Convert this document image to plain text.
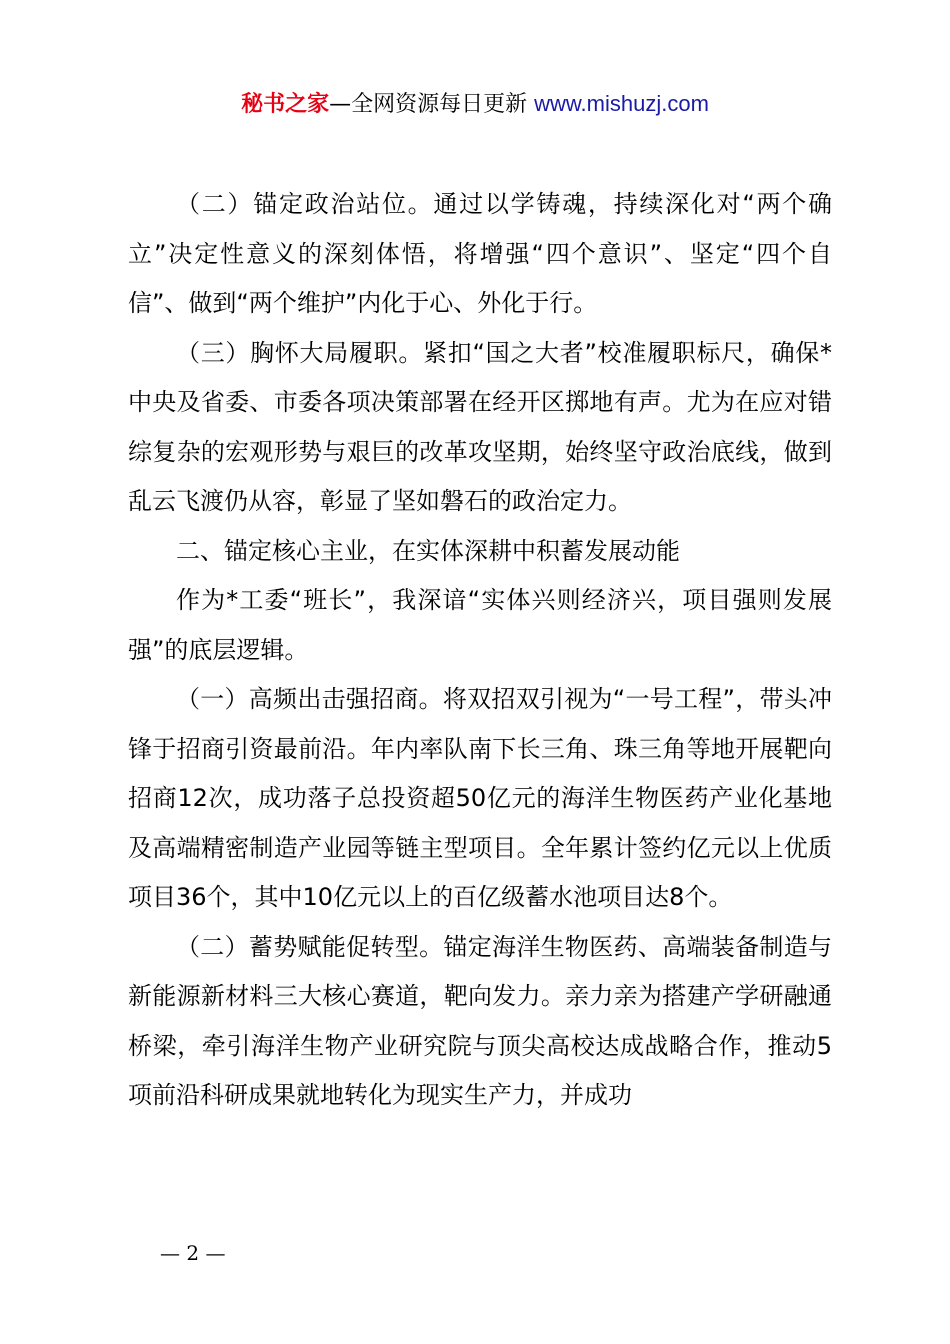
秘书之家—全网资源每日更新 www.mishuzj.com

（二）锚定政治站位。通过以学铸魂，持续深化对“两个确立”决定性意义的深刻体悟，将增强“四个意识”、坚定“四个自信”、做到“两个维护”内化于心、外化于行。

（三）胸怀大局履职。紧扣“国之大者”校准履职标尺，确保*中央及省委、市委各项决策部署在经开区掷地有声。尤为在应对错综复杂的宏观形势与艰巨的改革攻坚期，始终坚守政治底线，做到乱云飞渡仍从容，彰显了坚如磐石的政治定力。

二、锚定核心主业，在实体深耕中积蓄发展动能

作为*工委“班长”，我深谙“实体兴则经济兴，项目强则发展强”的底层逻辑。

（一）高频出击强招商。将双招双引视为“一号工程”，带头冲锋于招商引资最前沿。年内率队南下长三角、珠三角等地开展靶向招商12次，成功落子总投资超50亿元的海洋生物医药产业化基地及高端精密制造产业园等链主型项目。全年累计签约亿元以上优质项目36个，其中10亿元以上的百亿级蓄水池项目达8个。

（二）蓄势赋能促转型。锚定海洋生物医药、高端装备制造与新能源新材料三大核心赛道，靶向发力。亲力亲为搭建产学研融通桥梁，牵引海洋生物产业研究院与顶尖高校达成战略合作，推动5项前沿科研成果就地转化为现实生产力，并成功

— 2 —
